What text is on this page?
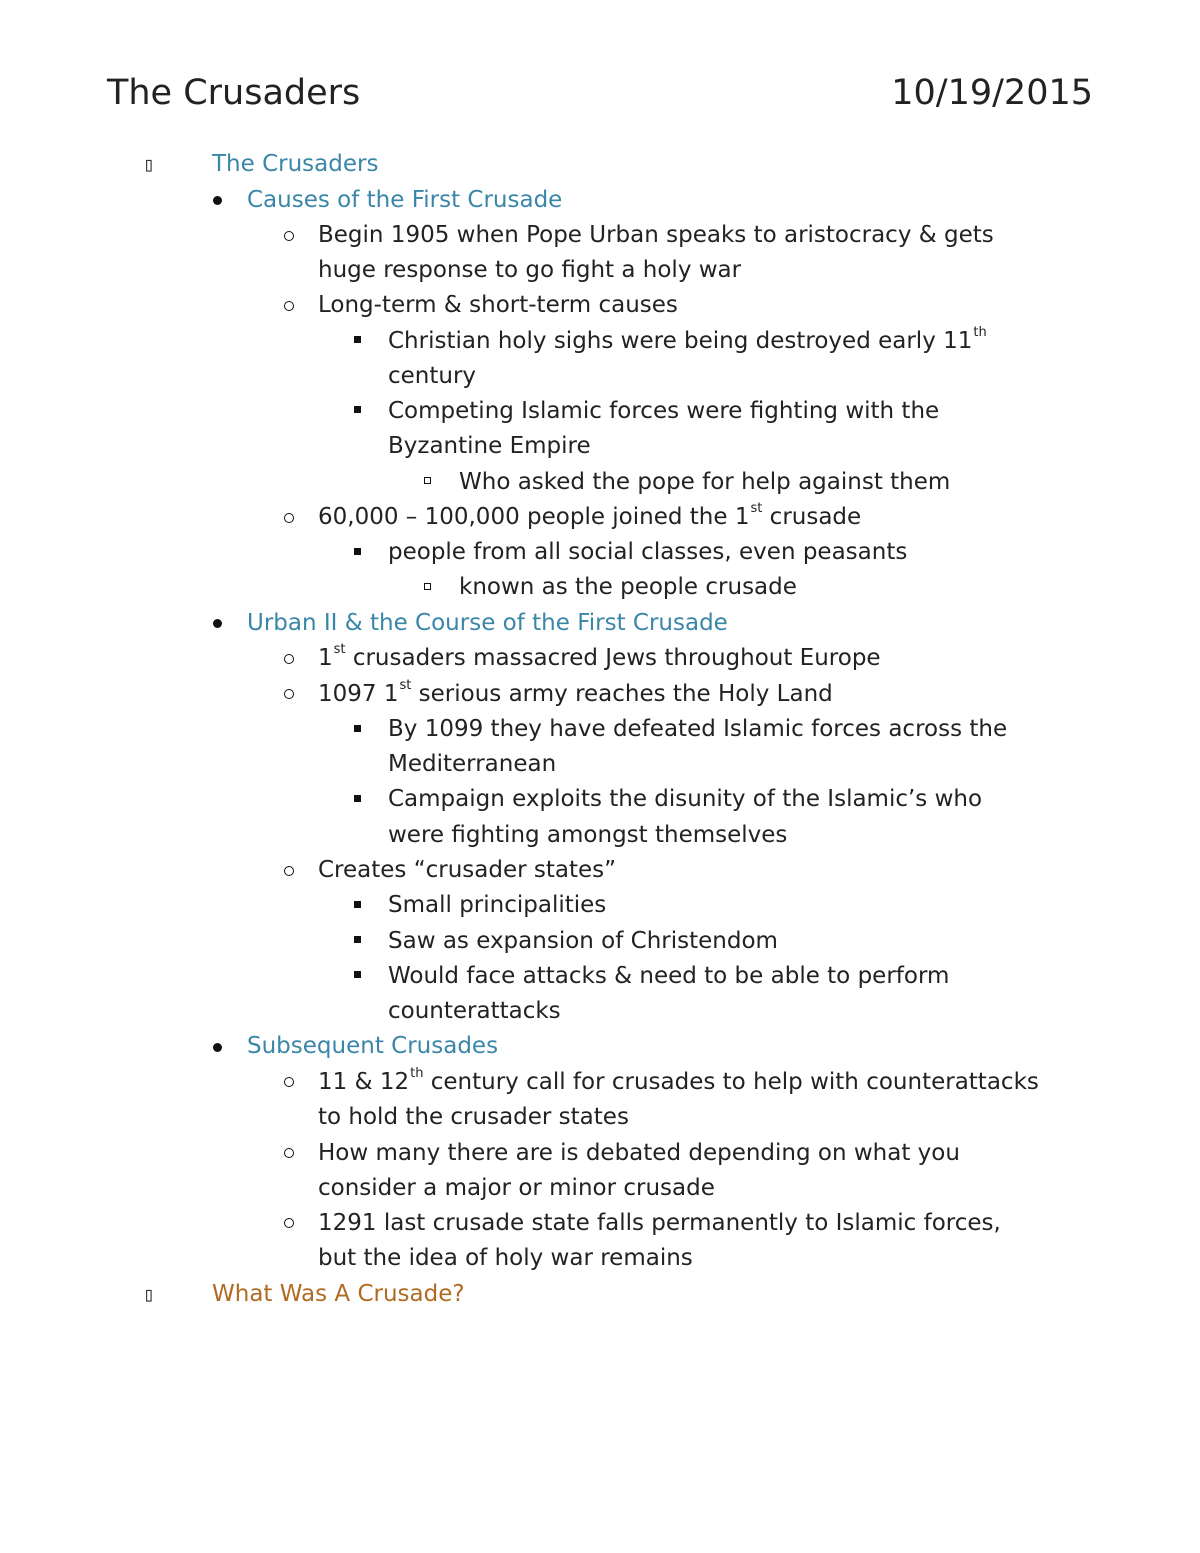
The Crusaders	10/19/2015
▯ The Crusaders
Causes of the First Crusade
Begin 1905 when Pope Urban speaks to aristocracy & gets
huge response to go fight a holy war
Long-term & short-term causes
Christian holy sighs were being destroyed early 11th
century
Competing Islamic forces were fighting with the
Byzantine Empire
Who asked the pope for help against them
60,000 – 100,000 people joined the 1st crusade
people from all social classes, even peasants
known as the people crusade
Urban II & the Course of the First Crusade
1st crusaders massacred Jews throughout Europe
1097 1st serious army reaches the Holy Land
By 1099 they have defeated Islamic forces across the
Mediterranean
Campaign exploits the disunity of the Islamic’s who
were fighting amongst themselves
Creates “crusader states”
Small principalities
Saw as expansion of Christendom
Would face attacks & need to be able to perform
counterattacks
Subsequent Crusades
11 & 12th century call for crusades to help with counterattacks
to hold the crusader states
How many there are is debated depending on what you
consider a major or minor crusade
1291 last crusade state falls permanently to Islamic forces,
but the idea of holy war remains
▯ What Was A Crusade?
